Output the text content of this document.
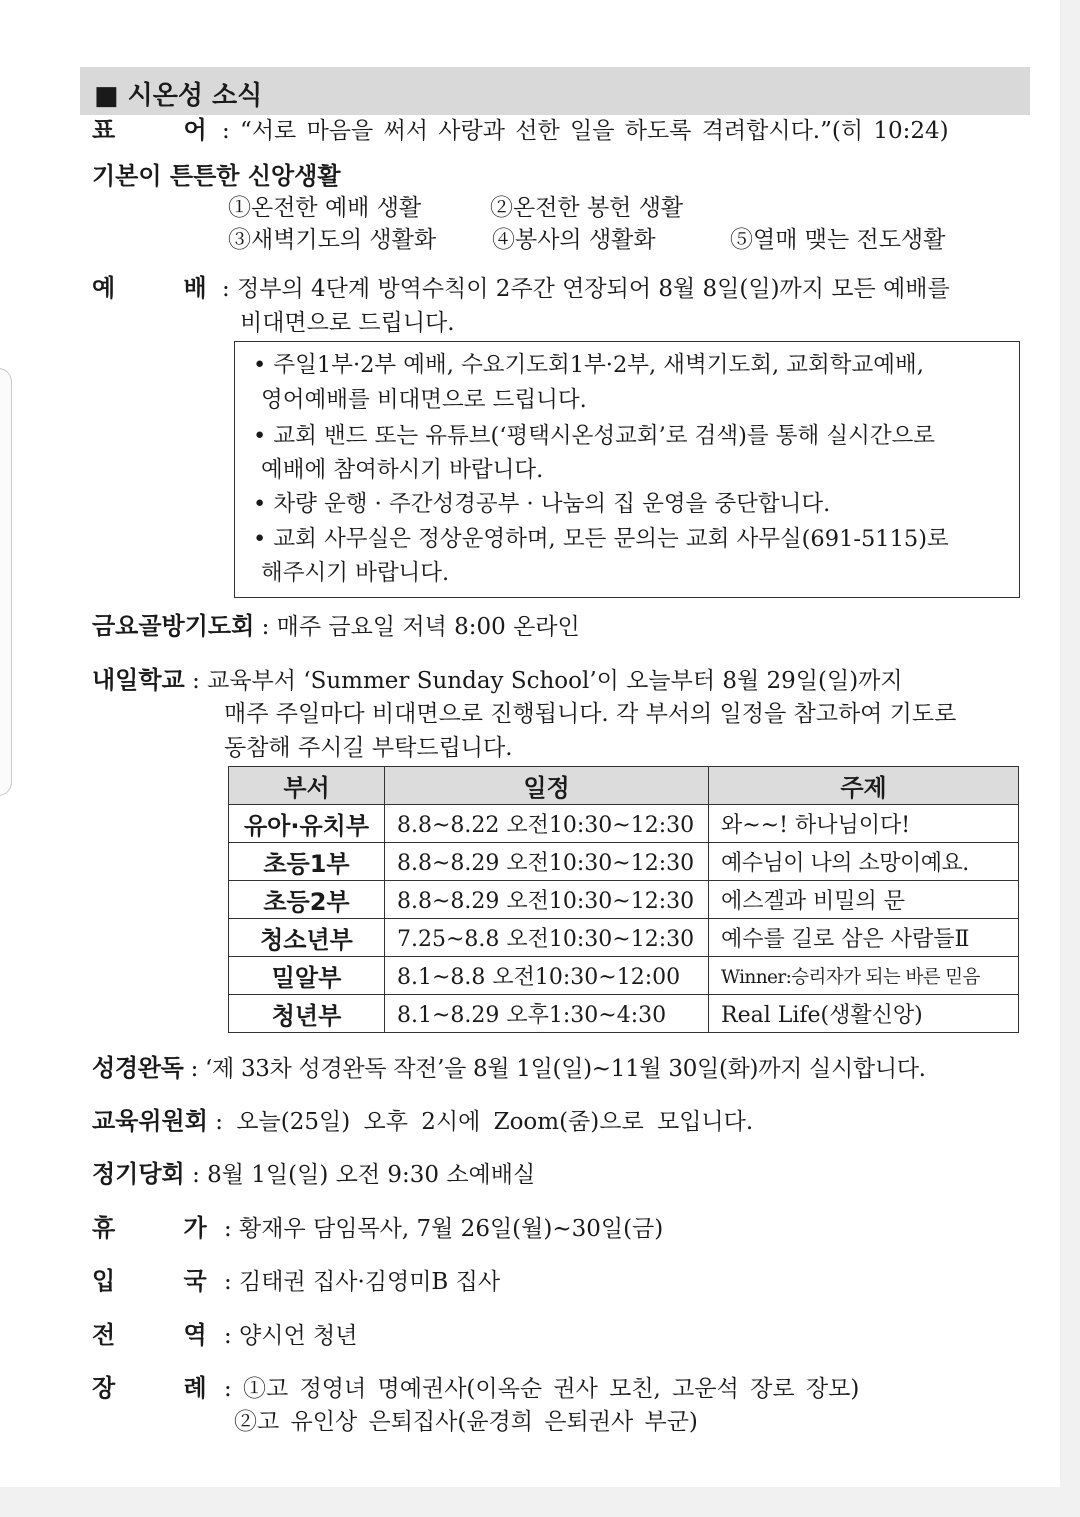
■ 시온성 소식
표 어 : “서로 마음을 써서 사랑과 선한 일을 하도록 격려합시다.”(히 10:24)
기본이 튼튼한 신앙생활
①온전한 예배 생활	②온전한 봉헌 생활
③새벽기도의 생활화 ④봉사의 생활화	⑤열매 맺는 전도생활
예 배 : 정부의 4단계 방역수칙이 2주간 연장되어 8월 8일(일)까지 모든 예배를
비대면으로 드립니다.
• 주일1부·2부 예배, 수요기도회1부·2부, 새벽기도회, 교회학교예배,
영어예배를 비대면으로 드립니다.
• 교회 밴드 또는 유튜브(‘평택시온성교회’로 검색)를 통해 실시간으로
예배에 참여하시기 바랍니다.
• 차량 운행 · 주간성경공부 · 나눔의 집 운영을 중단합니다.
• 교회 사무실은 정상운영하며, 모든 문의는 교회 사무실(691-5115)로
해주시기 바랍니다.
금요골방기도회 : 매주 금요일 저녁 8:00 온라인
내일학교 : 교육부서 ‘Summer Sunday School’이 오늘부터 8월 29일(일)까지
매주 주일마다 비대면으로 진행됩니다. 각 부서의 일정을 참고하여 기도로
동참해 주시길 부탁드립니다.
부서	일정	주제
유아·유치부	8.8~8.22 오전10:30~12:30	와~~! 하나님이다!
초등1부	8.8~8.29 오전10:30~12:30	예수님이 나의 소망이예요.
초등2부	8.8~8.29 오전10:30~12:30	에스겔과 비밀의 문
청소년부	7.25~8.8 오전10:30~12:30	예수를 길로 삼은 사람들Ⅱ
밀알부	8.1~8.8 오전10:30~12:00	Winner:승리자가 되는 바른 믿음
청년부	8.1~8.29 오후1:30~4:30	Real Life(생활신앙)
성경완독 : ‘제 33차 성경완독 작전’을 8월 1일(일)~11월 30일(화)까지 실시합니다.
교육위원회 : 오늘(25일) 오후 2시에 Zoom(줌)으로 모입니다.
정기당회 : 8월 1일(일) 오전 9:30 소예배실
휴 가 : 황재우 담임목사, 7월 26일(월)~30일(금)
입 국 : 김태권 집사·김영미B 집사
전 역 : 양시언 청년
장 례 : ①고 정영녀 명예권사(이옥순 권사 모친, 고운석 장로 장모)
②고 유인상 은퇴집사(윤경희 은퇴권사 부군)
